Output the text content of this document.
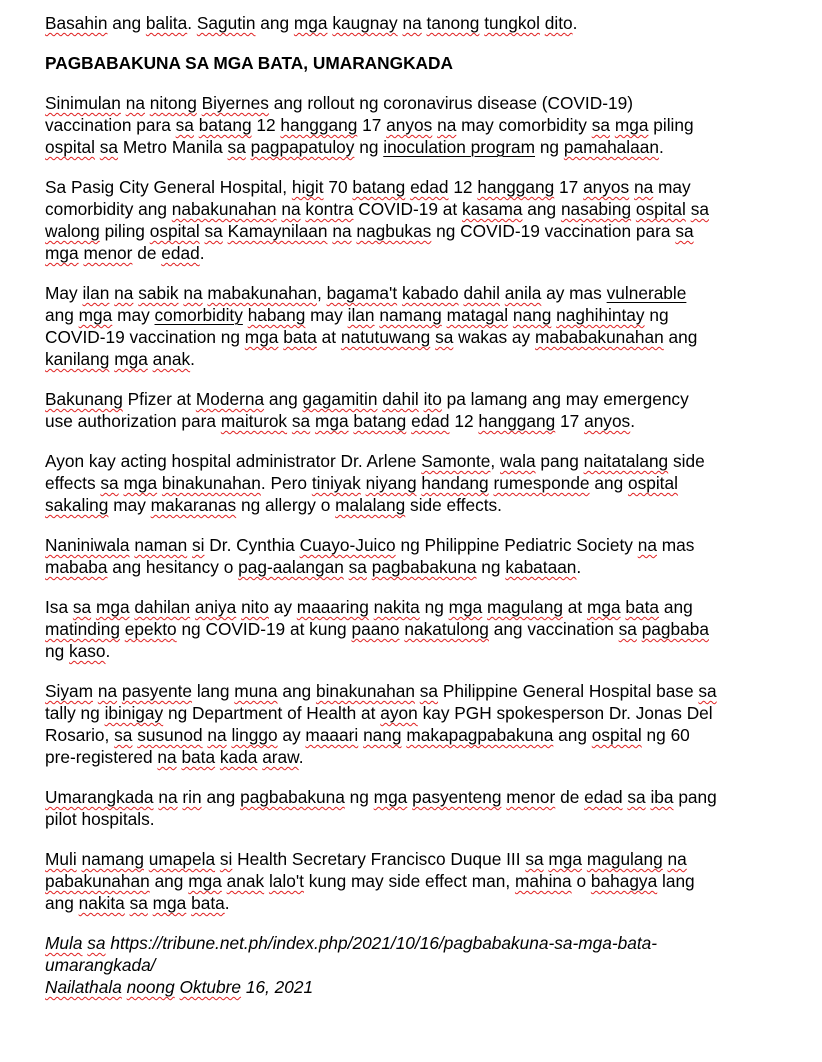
Basahin ang balita. Sagutin ang mga kaugnay na tanong tungkol dito.
PAGBABAKUNA SA MGA BATA, UMARANGKADA
Sinimulan na nitong Biyernes ang rollout ng coronavirus disease (COVID-19)
vaccination para sa batang 12 hanggang 17 anyos na may comorbidity sa mga piling
ospital sa Metro Manila sa pagpapatuloy ng inoculation program ng pamahalaan.
Sa Pasig City General Hospital, higit 70 batang edad 12 hanggang 17 anyos na may
comorbidity ang nabakunahan na kontra COVID-19 at kasama ang nasabing ospital sa
walong piling ospital sa Kamaynilaan na nagbukas ng COVID-19 vaccination para sa
mga menor de edad.
May ilan na sabik na mabakunahan, bagama't kabado dahil anila ay mas vulnerable
ang mga may comorbidity habang may ilan namang matagal nang naghihintay ng
COVID-19 vaccination ng mga bata at natutuwang sa wakas ay mababakunahan ang
kanilang mga anak.
Bakunang Pfizer at Moderna ang gagamitin dahil ito pa lamang ang may emergency
use authorization para maiturok sa mga batang edad 12 hanggang 17 anyos.
Ayon kay acting hospital administrator Dr. Arlene Samonte, wala pang naitatalang side
effects sa mga binakunahan. Pero tiniyak niyang handang rumesponde ang ospital
sakaling may makaranas ng allergy o malalang side effects.
Naniniwala naman si Dr. Cynthia Cuayo-Juico ng Philippine Pediatric Society na mas
mababa ang hesitancy o pag-aalangan sa pagbabakuna ng kabataan.
Isa sa mga dahilan aniya nito ay maaaring nakita ng mga magulang at mga bata ang
matinding epekto ng COVID-19 at kung paano nakatulong ang vaccination sa pagbaba
ng kaso.
Siyam na pasyente lang muna ang binakunahan sa Philippine General Hospital base sa
tally ng ibinigay ng Department of Health at ayon kay PGH spokesperson Dr. Jonas Del
Rosario, sa susunod na linggo ay maaari nang makapagpabakuna ang ospital ng 60
pre-registered na bata kada araw.
Umarangkada na rin ang pagbabakuna ng mga pasyenteng menor de edad sa iba pang
pilot hospitals.
Muli namang umapela si Health Secretary Francisco Duque III sa mga magulang na
pabakunahan ang mga anak lalo't kung may side effect man, mahina o bahagya lang
ang nakita sa mga bata.
Mula sa https://tribune.net.ph/index.php/2021/10/16/pagbabakuna-sa-mga-bata-
umarangkada/
Nailathala noong Oktubre 16, 2021
